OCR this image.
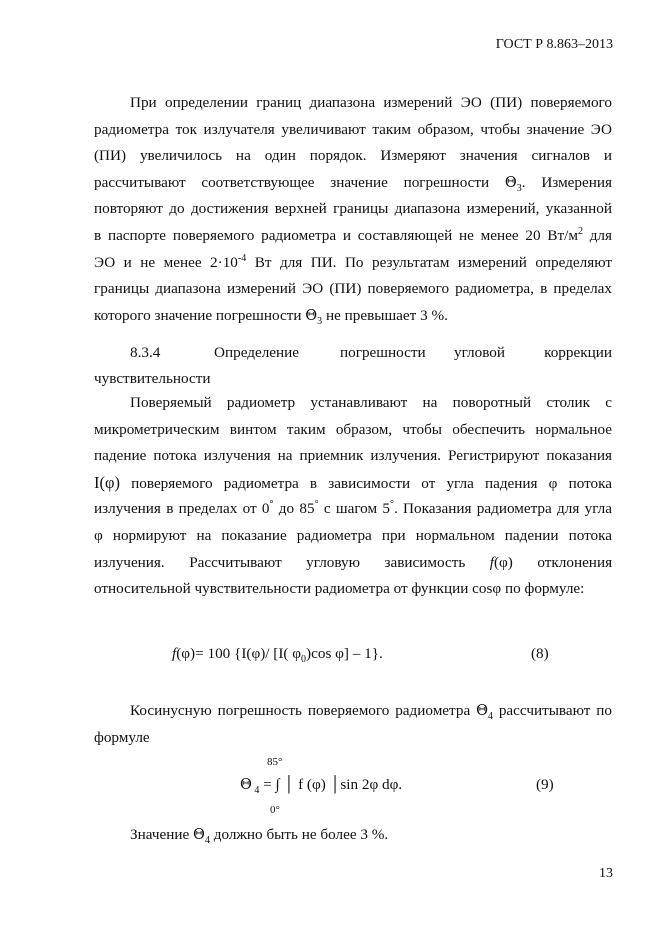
ГОСТ Р 8.863–2013
При определении границ диапазона измерений ЭО (ПИ) поверяемого
радиометра ток излучателя увеличивают таким образом, чтобы значение ЭО
(ПИ) увеличилось на один порядок. Измеряют значения сигналов и
рассчитывают соответствующее значение погрешности $\Theta_3$. Измерения
повторяют до достижения верхней границы диапазона измерений, указанной
в паспорте поверяемого радиометра и составляющей не менее 20 $Вт/м^2$ для
ЭО и не менее $2\cdot 10^{-4}$ Вт для ПИ. По результатам измерений определяют
границы диапазона измерений ЭО (ПИ) поверяемого радиометра, в пределах
которого значение погрешности $\Theta_3$ не превышает 3 %.
8.3.4	Определение	погрешности угловой	коррекции
чувствительности
Поверяемый радиометр устанавливают на поворотный столик с
микрометрическим винтом таким образом, чтобы обеспечить нормальное
падение потока излучения на приемник излучения. Регистрируют показания
I(φ) поверяемого радиометра в зависимости от угла падения φ потока
излучения в пределах от 0° до 85° с шагом 5°. Показания радиометра для угла
φ нормируют на показание радиометра при нормальном падении потока
излучения. Рассчитывают угловую зависимость f(φ) отклонения
относительной чувствительности радиометра от функции cosφ по формуле:
f(φ)= 100 {I(φ)/ [I( $\varphi_0)\cos$ φ] – 1}.	(8)
Косинусную погрешность поверяемого радиометра $\Theta_4$ рассчитывают по
формуле
85°
Θ $_4$ = ∫ │ f (φ) │sin 2φ dφ.
0°
(9)
Значение $\Theta_4$ должно быть не более 3 %.
13
